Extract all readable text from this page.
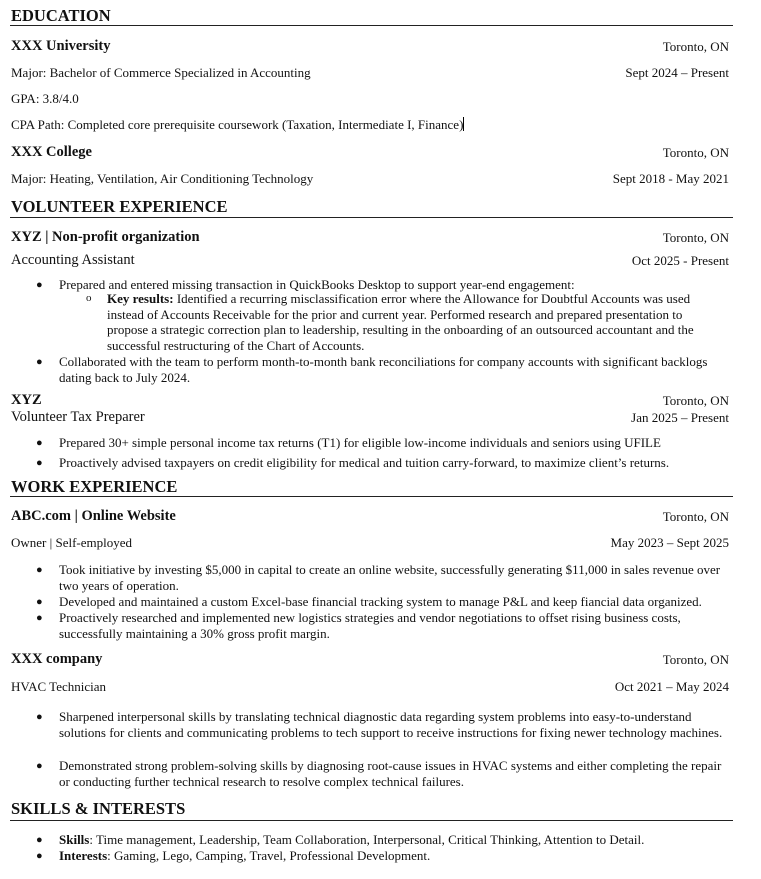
EDUCATION
XXX University	Toronto, ON
Major: Bachelor of Commerce Specialized in Accounting	Sept 2024 – Present
GPA: 3.8/4.0
CPA Path: Completed core prerequisite coursework (Taxation, Intermediate I, Finance)
XXX College	Toronto, ON
Major: Heating, Ventilation, Air Conditioning Technology	Sept 2018 - May 2021
VOLUNTEER EXPERIENCE
XYZ | Non-profit organization	Toronto, ON
Accounting Assistant	Oct 2025 - Present
● Prepared and entered missing transaction in QuickBooks Desktop to support year-end engagement:
o Key results: Identified a recurring misclassification error where the Allowance for Doubtful Accounts was used instead of Accounts Receivable for the prior and current year. Performed research and prepared presentation to propose a strategic correction plan to leadership, resulting in the onboarding of an outsourced accountant and the successful restructuring of the Chart of Accounts.
● Collaborated with the team to perform month-to-month bank reconciliations for company accounts with significant backlogs dating back to July 2024.
XYZ	Toronto, ON
Volunteer Tax Preparer	Jan 2025 – Present
● Prepared 30+ simple personal income tax returns (T1) for eligible low-income individuals and seniors using UFILE
● Proactively advised taxpayers on credit eligibility for medical and tuition carry-forward, to maximize client’s returns.
WORK EXPERIENCE
ABC.com | Online Website	Toronto, ON
Owner | Self-employed	May 2023 – Sept 2025
● Took initiative by investing $5,000 in capital to create an online website, successfully generating $11,000 in sales revenue over two years of operation.
● Developed and maintained a custom Excel-base financial tracking system to manage P&L and keep fiancial data organized.
● Proactively researched and implemented new logistics strategies and vendor negotiations to offset rising business costs, successfully maintaining a 30% gross profit margin.
XXX company	Toronto, ON
HVAC Technician	Oct 2021 – May 2024
● Sharpened interpersonal skills by translating technical diagnostic data regarding system problems into easy-to-understand solutions for clients and communicating problems to tech support to receive instructions for fixing newer technology machines.
● Demonstrated strong problem-solving skills by diagnosing root-cause issues in HVAC systems and either completing the repair or conducting further technical research to resolve complex technical failures.
SKILLS & INTERESTS
● Skills: Time management, Leadership, Team Collaboration, Interpersonal, Critical Thinking, Attention to Detail.
● Interests: Gaming, Lego, Camping, Travel, Professional Development.
